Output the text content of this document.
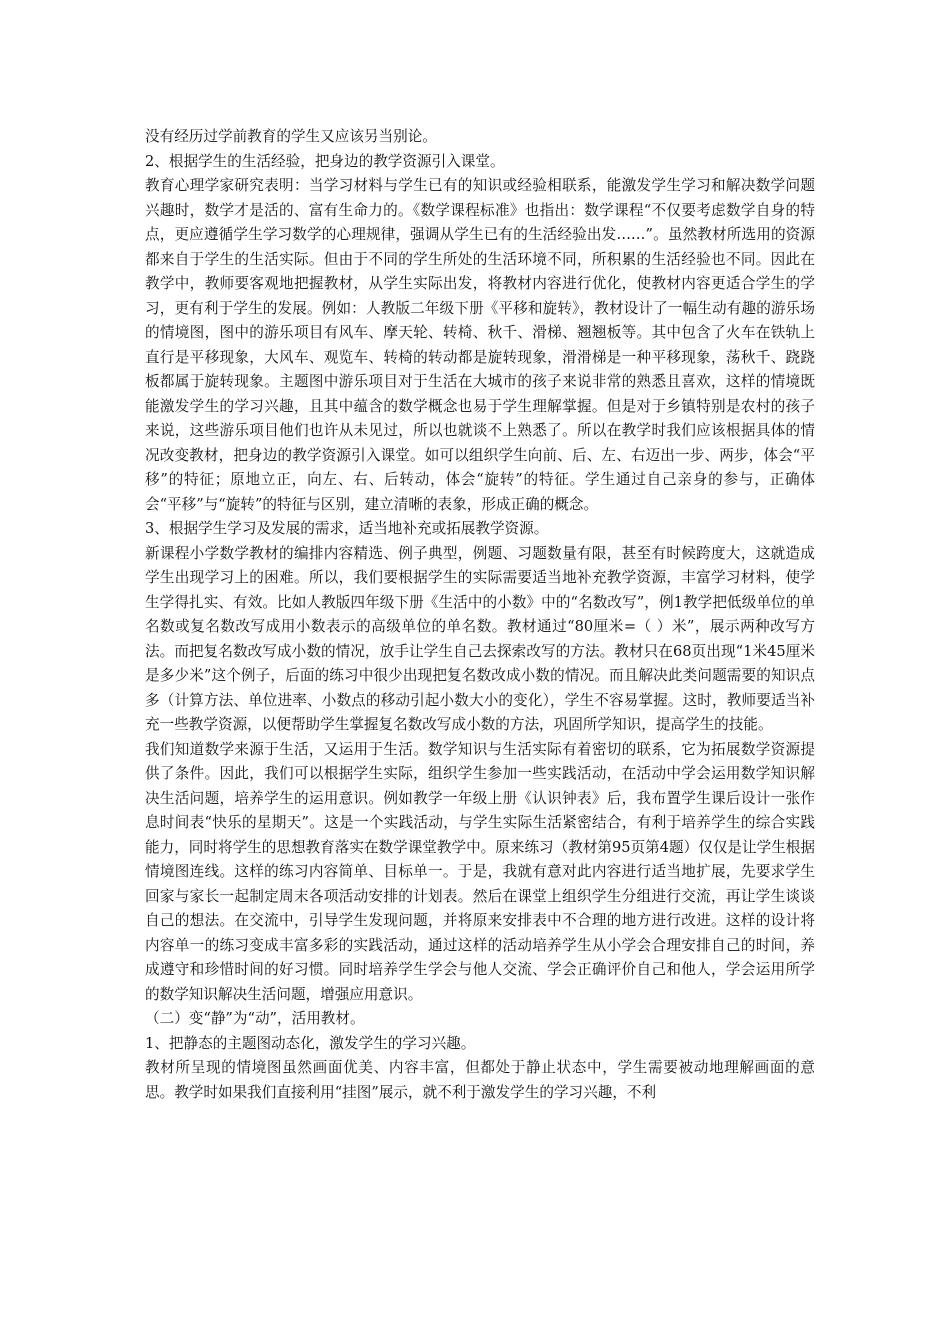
没有经历过学前教育的学生又应该另当别论。

2、根据学生的生活经验，把身边的教学资源引入课堂。

教育心理学家研究表明：当学习材料与学生已有的知识或经验相联系，能激发学生学习和解决数学问题兴趣时，数学才是活的、富有生命力的。《数学课程标准》也指出：数学课程“不仅要考虑数学自身的特点，更应遵循学生学习数学的心理规律，强调从学生已有的生活经验出发……”。虽然教材所选用的资源都来自于学生的生活实际。但由于不同的学生所处的生活环境不同，所积累的生活经验也不同。因此在教学中，教师要客观地把握教材，从学生实际出发，将教材内容进行优化，使教材内容更适合学生的学习，更有利于学生的发展。例如：人教版二年级下册《平移和旋转》，教材设计了一幅生动有趣的游乐场的情境图，图中的游乐项目有风车、摩天轮、转椅、秋千、滑梯、翘翘板等。其中包含了火车在铁轨上直行是平移现象，大风车、观览车、转椅的转动都是旋转现象，滑滑梯是一种平移现象，荡秋千、跷跷板都属于旋转现象。主题图中游乐项目对于生活在大城市的孩子来说非常的熟悉且喜欢，这样的情境既能激发学生的学习兴趣，且其中蕴含的数学概念也易于学生理解掌握。但是对于乡镇特别是农村的孩子来说，这些游乐项目他们也许从未见过，所以也就谈不上熟悉了。所以在教学时我们应该根据具体的情况改变教材，把身边的教学资源引入课堂。如可以组织学生向前、后、左、右迈出一步、两步，体会“平移”的特征；原地立正，向左、右、后转动，体会“旋转”的特征。学生通过自己亲身的参与，正确体会“平移”与“旋转”的特征与区别，建立清晰的表象，形成正确的概念。

3、根据学生学习及发展的需求，适当地补充或拓展教学资源。

新课程小学数学教材的编排内容精选、例子典型，例题、习题数量有限，甚至有时候跨度大，这就造成学生出现学习上的困难。所以，我们要根据学生的实际需要适当地补充教学资源，丰富学习材料，使学生学得扎实、有效。比如人教版四年级下册《生活中的小数》中的“名数改写”，例1教学把低级单位的单名数或复名数改写成用小数表示的高级单位的单名数。教材通过“80厘米=（ ）米”，展示两种改写方法。而把复名数改写成小数的情况，放手让学生自己去探索改写的方法。教材只在68页出现“1米45厘米是多少米”这个例子，后面的练习中很少出现把复名数改成小数的情况。而且解决此类问题需要的知识点多（计算方法、单位进率、小数点的移动引起小数大小的变化），学生不容易掌握。这时，教师要适当补充一些教学资源，以便帮助学生掌握复名数改写成小数的方法，巩固所学知识，提高学生的技能。

我们知道数学来源于生活，又运用于生活。数学知识与生活实际有着密切的联系，它为拓展数学资源提供了条件。因此，我们可以根据学生实际，组织学生参加一些实践活动，在活动中学会运用数学知识解决生活问题，培养学生的运用意识。例如教学一年级上册《认识钟表》后，我布置学生课后设计一张作息时间表“快乐的星期天”。这是一个实践活动，与学生实际生活紧密结合，有利于培养学生的综合实践能力，同时将学生的思想教育落实在数学课堂教学中。原来练习（教材第95页第4题）仅仅是让学生根据情境图连线。这样的练习内容简单、目标单一。于是，我就有意对此内容进行适当地扩展，先要求学生回家与家长一起制定周末各项活动安排的计划表。然后在课堂上组织学生分组进行交流，再让学生谈谈自己的想法。在交流中，引导学生发现问题，并将原来安排表中不合理的地方进行改进。这样的设计将内容单一的练习变成丰富多彩的实践活动，通过这样的活动培养学生从小学会合理安排自己的时间，养成遵守和珍惜时间的好习惯。同时培养学生学会与他人交流、学会正确评价自己和他人，学会运用所学的数学知识解决生活问题，增强应用意识。

（二）变“静”为“动”，活用教材。

1、把静态的主题图动态化，激发学生的学习兴趣。

教材所呈现的情境图虽然画面优美、内容丰富，但都处于静止状态中，学生需要被动地理解画面的意思。教学时如果我们直接利用“挂图”展示，就不利于激发学生的学习兴趣，不利
